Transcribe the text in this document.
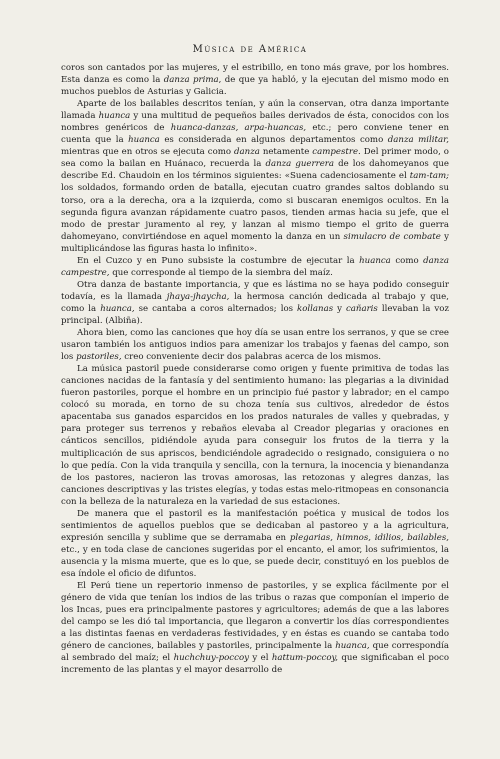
Música de América

coros son cantados por las mujeres, y el estribillo, en tono más grave, por los hombres. Esta danza es como la danza prima, de que ya habló, y la ejecutan del mismo modo en muchos pueblos de Asturias y Galicia.

Aparte de los bailables descritos tenían, y aún la conservan, otra danza importante llamada huanca y una multitud de pequeños bailes derivados de ésta, conocidos con los nombres genéricos de huanca-danzas, arpa-huancas, etc.; pero conviene tener en cuenta que la huanca es considerada en algunos departamentos como danza militar, mientras que en otros se ejecuta como danza netamente campestre. Del primer modo, o sea como la bailan en Huánaco, recuerda la danza guerrera de los dahomeyanos que describe Ed. Chaudoin en los términos siguientes: «Suena cadenciosamente el tam-tam; los soldados, formando orden de batalla, ejecutan cuatro grandes saltos doblando su torso, ora a la derecha, ora a la izquierda, como si buscaran enemigos ocultos. En la segunda figura avanzan rápidamente cuatro pasos, tienden armas hacia su jefe, que el modo de prestar juramento al rey, y lanzan al mismo tiempo el grito de guerra dahomeyano, convirtiéndose en aquel momento la danza en un simulacro de combate y multiplicándose las figuras hasta lo infinito».

En el Cuzco y en Puno subsiste la costumbre de ejecutar la huanca como danza campestre, que corresponde al tiempo de la siembra del maíz.

Otra danza de bastante importancia, y que es lástima no se haya podido conseguir todavía, es la llamada jhaya-jhaycha, la hermosa canción dedicada al trabajo y que, como la huanca, se cantaba a coros alternados; los kollanas y cañaris llevaban la voz principal. (Albiña).

Ahora bien, como las canciones que hoy día se usan entre los serranos, y que se cree usaron también los antiguos indios para amenizar los trabajos y faenas del campo, son los pastoriles, creo conveniente decir dos palabras acerca de los mismos.

La música pastoril puede considerarse como origen y fuente primitiva de todas las canciones nacidas de la fantasía y del sentimiento humano: las plegarias a la divinidad fueron pastoriles, porque el hombre en un principio fué pastor y labrador; en el campo colocó su morada, en torno de su choza tenía sus cultivos, alrededor de éstos apacentaba sus ganados esparcidos en los prados naturales de valles y quebradas, y para proteger sus terrenos y rebaños elevaba al Creador plegarias y oraciones en cánticos sencillos, pidiéndole ayuda para conseguir los frutos de la tierra y la multiplicación de sus apriscos, bendiciéndole agradecido o resignado, consiguiera o no lo que pedía. Con la vida tranquila y sencilla, con la ternura, la inocencia y bienandanza de los pastores, nacieron las trovas amorosas, las retozonas y alegres danzas, las canciones descriptivas y las tristes elegías, y todas estas melo-ritmopeas en consonancia con la belleza de la naturaleza en la variedad de sus estaciones.

De manera que el pastoril es la manifestación poética y musical de todos los sentimientos de aquellos pueblos que se dedicaban al pastoreo y a la agricultura, expresión sencilla y sublime que se derramaba en plegarias, himnos, idilios, bailables, etc., y en toda clase de canciones sugeridas por el encanto, el amor, los sufrimientos, la ausencia y la misma muerte, que es lo que, se puede decir, constituyó en los pueblos de esa índole el oficio de difuntos.

El Perú tiene un repertorio inmenso de pastoriles, y se explica fácilmente por el género de vida que tenían los indios de las tribus o razas que componían el imperio de los Incas, pues era principalmente pastores y agricultores; además de que a las labores del campo se les dió tal importancia, que llegaron a convertir los días correspondientes a las distintas faenas en verdaderas festividades, y en éstas es cuando se cantaba todo género de canciones, bailables y pastoriles, principalmente la huanca, que correspondía al sembrado del maíz; el huchchuy-poccoy y el hattum-poccoy, que significaban el poco incremento de las plantas y el mayor desarrollo de
